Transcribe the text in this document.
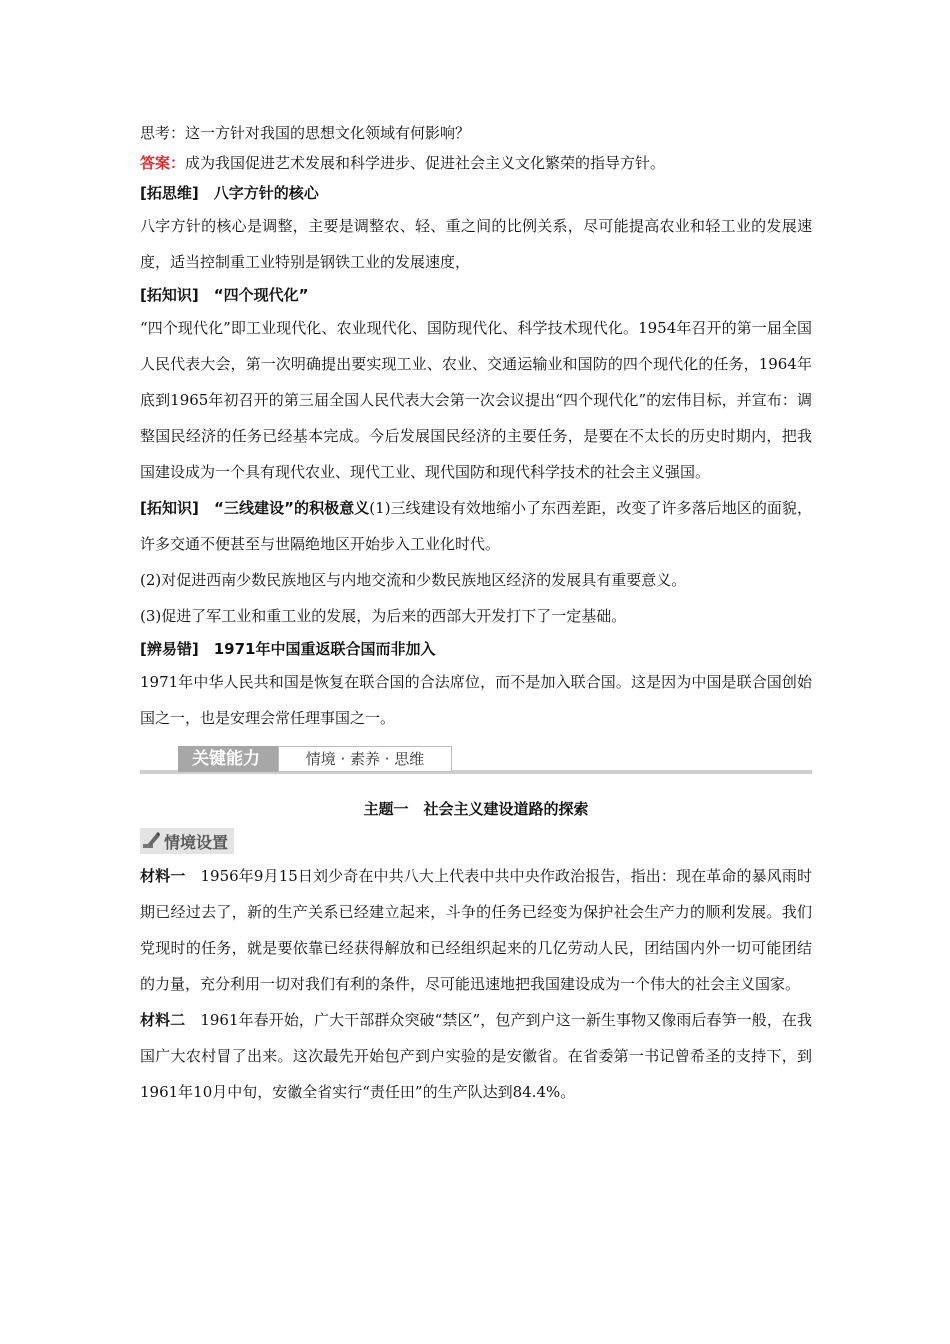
思考：这一方针对我国的思想文化领域有何影响？

答案：成为我国促进艺术发展和科学进步、促进社会主义文化繁荣的指导方针。

[拓思维]　八字方针的核心

八字方针的核心是调整，主要是调整农、轻、重之间的比例关系，尽可能提高农业和轻工业的发展速度，适当控制重工业特别是钢铁工业的发展速度，

[拓知识]　“四个现代化”

“四个现代化”即工业现代化、农业现代化、国防现代化、科学技术现代化。1954年召开的第一届全国人民代表大会，第一次明确提出要实现工业、农业、交通运输业和国防的四个现代化的任务，1964年底到1965年初召开的第三届全国人民代表大会第一次会议提出“四个现代化”的宏伟目标，并宣布：调整国民经济的任务已经基本完成。今后发展国民经济的主要任务，是要在不太长的历史时期内，把我国建设成为一个具有现代农业、现代工业、现代国防和现代科学技术的社会主义强国。

[拓知识]　“三线建设”的积极意义(1)三线建设有效地缩小了东西差距，改变了许多落后地区的面貌，许多交通不便甚至与世隔绝地区开始步入工业化时代。

(2)对促进西南少数民族地区与内地交流和少数民族地区经济的发展具有重要意义。

(3)促进了军工业和重工业的发展，为后来的西部大开发打下了一定基础。

[辨易错]　1971年中国重返联合国而非加入

1971年中华人民共和国是恢复在联合国的合法席位，而不是加入联合国。这是因为中国是联合国创始国之一，也是安理会常任理事国之一。

关键能力	情境 · 素养 · 思维
主题一　社会主义建设道路的探索
情境设置

材料一　1956年9月15日刘少奇在中共八大上代表中共中央作政治报告，指出：现在革命的暴风雨时期已经过去了，新的生产关系已经建立起来，斗争的任务已经变为保护社会生产力的顺利发展。我们党现时的任务，就是要依靠已经获得解放和已经组织起来的几亿劳动人民，团结国内外一切可能团结的力量，充分利用一切对我们有利的条件，尽可能迅速地把我国建设成为一个伟大的社会主义国家。

材料二　1961年春开始，广大干部群众突破“禁区”，包产到户这一新生事物又像雨后春笋一般，在我国广大农村冒了出来。这次最先开始包产到户实验的是安徽省。在省委第一书记曾希圣的支持下，到1961年10月中旬，安徽全省实行“责任田”的生产队达到84.4%。
